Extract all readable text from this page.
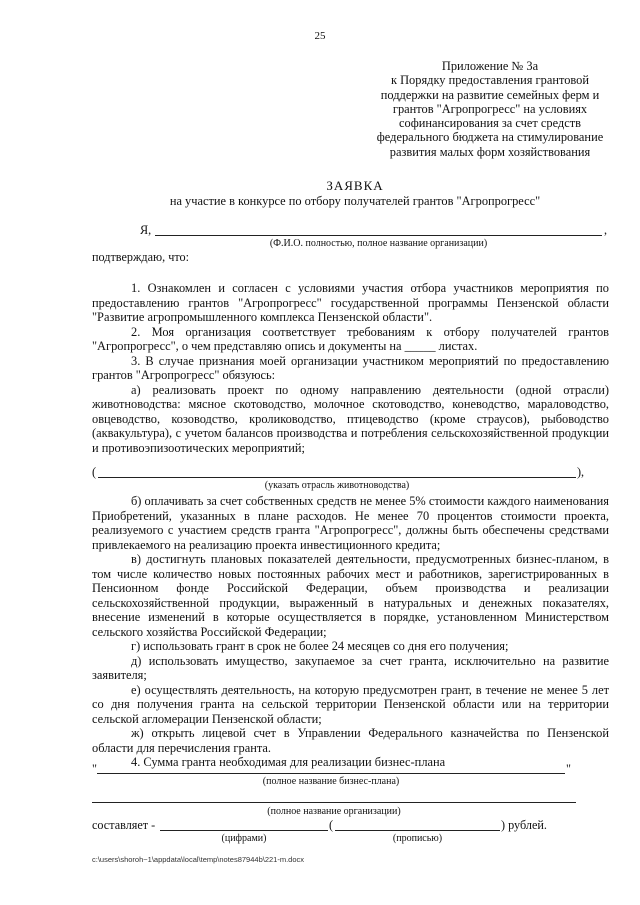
25
Приложение № 3а
к Порядку предоставления грантовой
поддержки на развитие семейных ферм и
грантов "Агропрогресс" на условиях
софинансирования за счет средств
федерального бюджета на стимулирование
развития малых форм хозяйствования
ЗАЯВКА
на участие в конкурсе по отбору получателей грантов "Агропрогресс"
Я,	,
(Ф.И.О. полностью, полное название организации)
подтверждаю, что:

1. Ознакомлен и согласен с условиями участия отбора участников мероприятия по предоставлению грантов "Агропрогресс" государственной программы Пензенской области "Развитие агропромышленного комплекса Пензенской области".

2. Моя организация соответствует требованиям к отбору получателей грантов "Агропрогресс", о чем представляю опись и документы на _____ листах.

3. В случае признания моей организации участником мероприятий по предоставлению грантов "Агропрогресс" обязуюсь:

а) реализовать проект по одному направлению деятельности (одной отрасли) животноводства: мясное скотоводство, молочное скотоводство, коневодство, мараловодство, овцеводство, козоводство, кролиководство, птицеводство (кроме страусов), рыбоводство (аквакультура), с учетом балансов производства и потребления сельскохозяйственной продукции и противоэпизоотических мероприятий;

(	),
(указать отрасль животноводства)

б) оплачивать за счет собственных средств не менее 5% стоимости каждого наименования Приобретений, указанных в плане расходов. Не менее 70 процентов стоимости проекта, реализуемого с участием средств гранта "Агропрогресс", должны быть обеспечены средствами привлекаемого на реализацию проекта инвестиционного кредита;

в) достигнуть плановых показателей деятельности, предусмотренных бизнес-планом, в том числе количество новых постоянных рабочих мест и работников, зарегистрированных в Пенсионном фонде Российской Федерации, объем производства и реализации сельскохозяйственной продукции, выраженный в натуральных и денежных показателях, внесение изменений в которые осуществляется в порядке, установленном Министерством сельского хозяйства Российской Федерации;

г) использовать грант в срок не более 24 месяцев со дня его получения;

д) использовать имущество, закупаемое за счет гранта, исключительно на развитие заявителя;

е) осуществлять деятельность, на которую предусмотрен грант, в течение не менее 5 лет со дня получения гранта на сельской территории Пензенской области или на территории сельской агломерации Пензенской области;

ж) открыть лицевой счет в Управлении Федерального казначейства по Пензенской области для перечисления гранта.

4. Сумма гранта необходимая для реализации бизнес-плана

"	"
(полное название бизнес-плана)
(полное название организации)
составляет -	(	) рублей.
(цифрами)	(прописью)
c:\users\shoroh~1\appdata\local\temp\notes87944b\221-m.docx
